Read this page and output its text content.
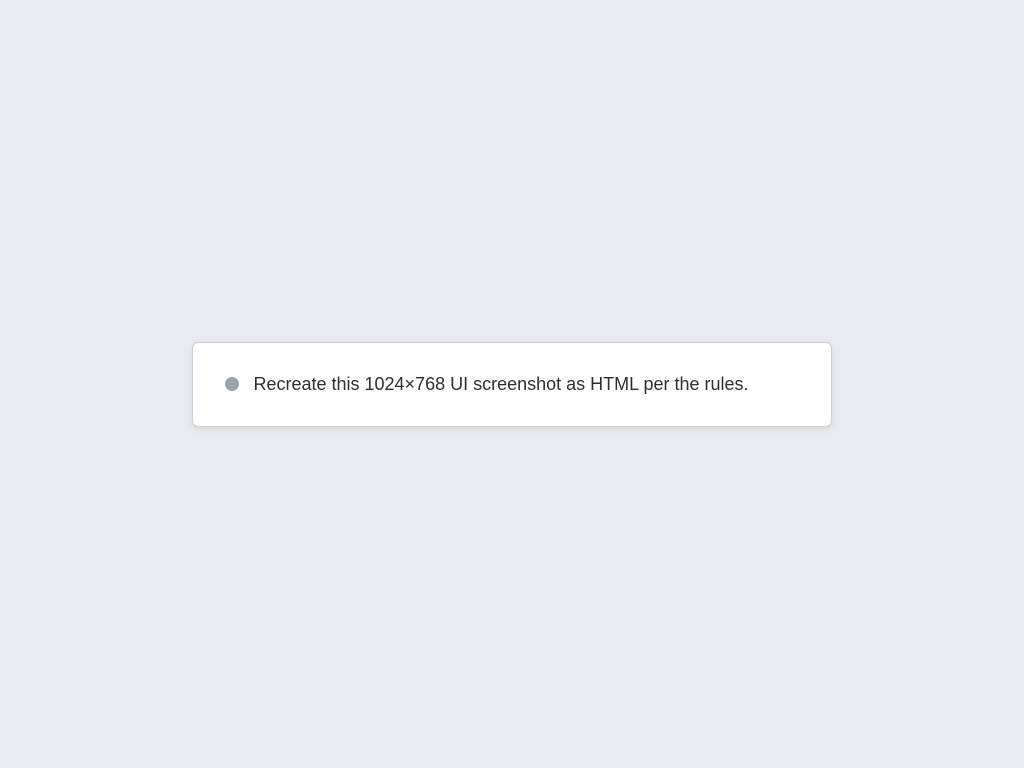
Recreate this 1024×768 UI screenshot as HTML per the rules.
